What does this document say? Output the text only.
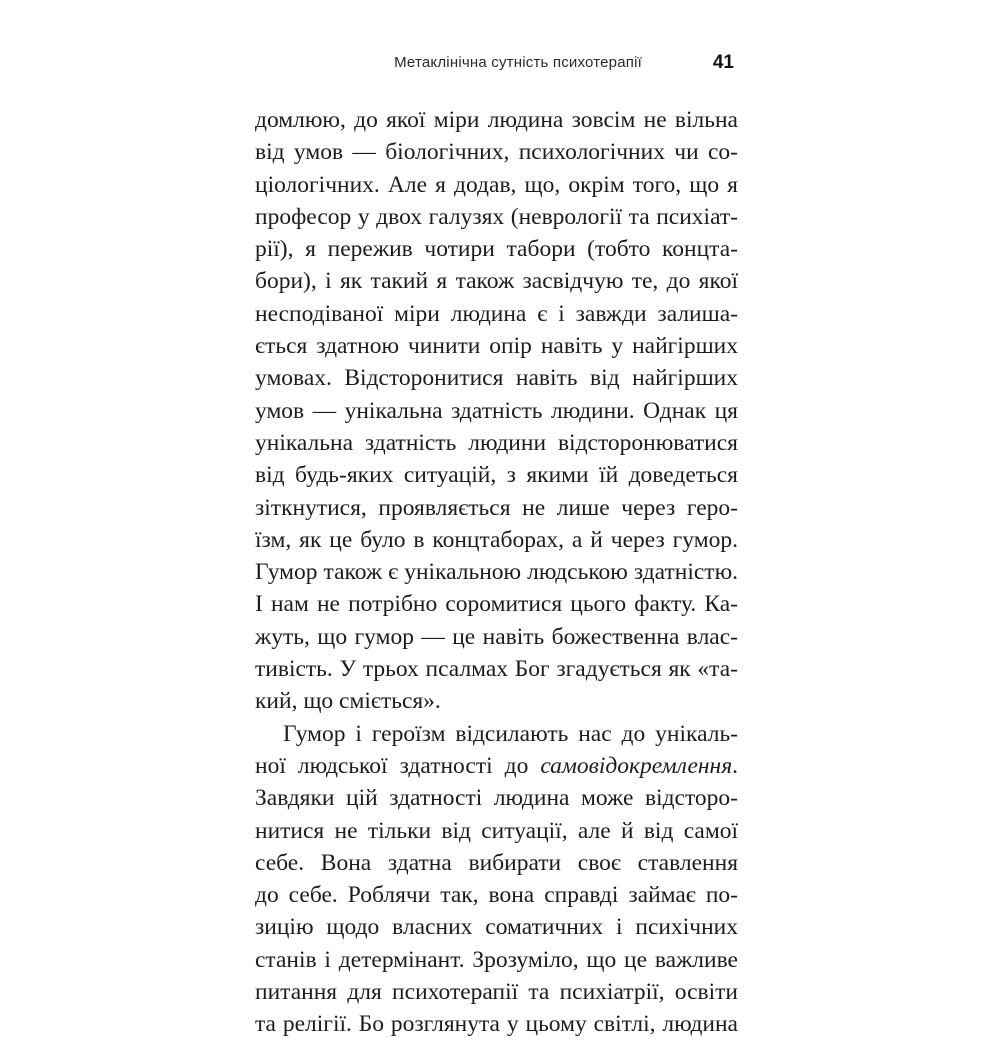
Метаклінічна сутність психотерапії	41
домлюю, до якої міри людина зовсім не вільна
від умов — біологічних, психологічних чи со-
ціологічних. Але я додав, що, окрім того, що я
професор у двох галузях (неврології та психіат-
рії), я пережив чотири табори (тобто концта-
бори), і як такий я також засвідчую те, до якої
несподіваної міри людина є і завжди залиша-
ється здатною чинити опір навіть у найгірших
умовах. Відсторонитися навіть від найгірших
умов — унікальна здатність людини. Однак ця
унікальна здатність людини відсторонюватися
від будь-яких ситуацій, з якими їй доведеться
зіткнутися, проявляється не лише через геро-
їзм, як це було в концтаборах, а й через гумор.
Гумор також є унікальною людською здатністю.
І нам не потрібно соромитися цього факту. Ка-
жуть, що гумор — це навіть божественна влас-
тивість. У трьох псалмах Бог згадується як «та-
кий, що сміється».
Гумор і героїзм відсилають нас до унікаль-
ної людської здатності до самовідокремлення.
Завдяки цій здатності людина може відсторо-
нитися не тільки від ситуації, але й від самої
себе. Вона здатна вибирати своє ставлення
до себе. Роблячи так, вона справді займає по-
зицію щодо власних соматичних і психічних
станів і детермінант. Зрозуміло, що це важливе
питання для психотерапії та психіатрії, освіти
та релігії. Бо розглянута у цьому світлі, людина
